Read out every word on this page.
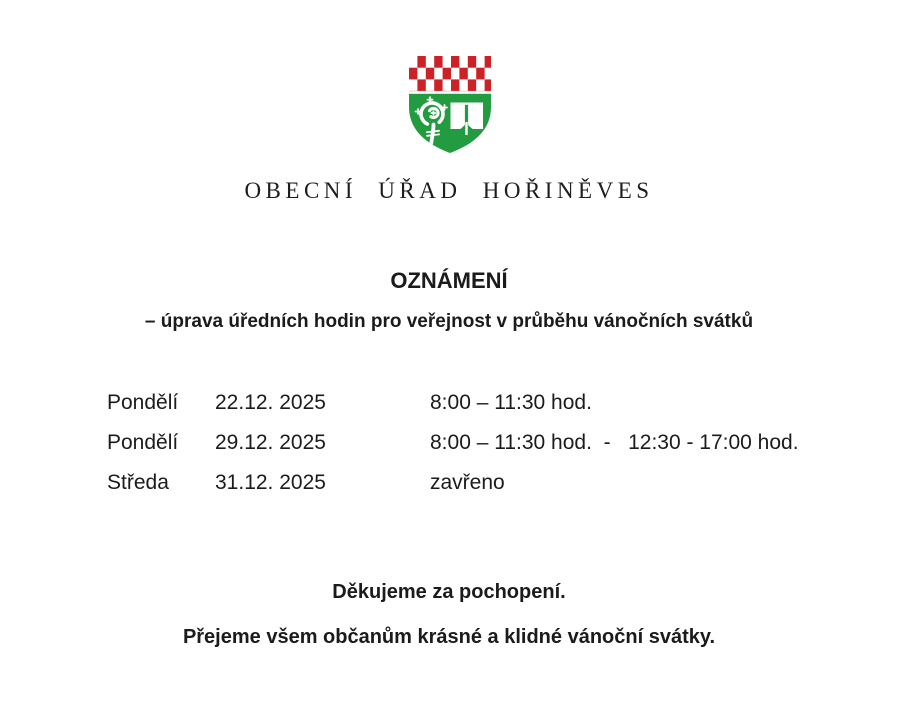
OBECNÍ ÚŘAD HOŘINĚVES
OZNÁMENÍ
– úprava úředních hodin pro veřejnost v průběhu vánočních svátků
Pondělí	22.12. 2025	8:00 – 11:30 hod.
Pondělí	29.12. 2025	8:00 – 11:30 hod.  -   12:30 - 17:00 hod.
Středa	31.12. 2025	zavřeno
Děkujeme za pochopení.
Přejeme všem občanům krásné a klidné vánoční svátky.
